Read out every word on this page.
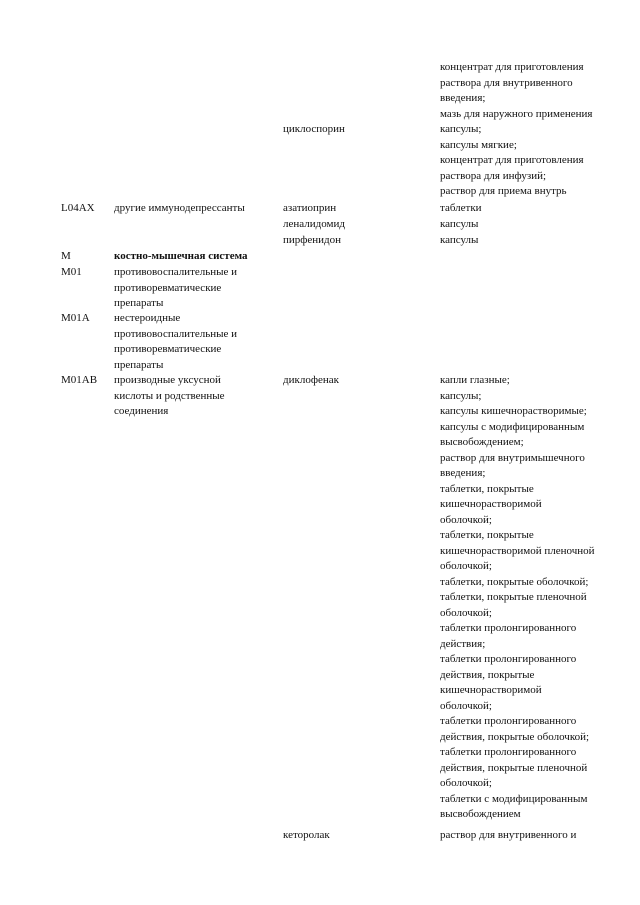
концентрат для приготовления
раствора для внутривенного
введения;
мазь для наружного применения
циклоспорин	капсулы;
капсулы мягкие;
концентрат для приготовления
раствора для инфузий;
раствор для приема внутрь
L04AX	другие иммунодепрессанты	азатиоприн	таблетки
леналидомид	капсулы
пирфенидон	капсулы
M	костно-мышечная система
M01	противовоспалительные и
противоревматические
препараты
M01A	нестероидные
противовоспалительные и
противоревматические
препараты
M01AB	производные уксусной
кислоты и родственные
соединения
диклофенак	капли глазные;
капсулы;
капсулы кишечнорастворимые;
капсулы с модифицированным
высвобождением;
раствор для внутримышечного
введения;
таблетки, покрытые
кишечнорастворимой
оболочкой;
таблетки, покрытые
кишечнорастворимой пленочной
оболочкой;
таблетки, покрытые оболочкой;
таблетки, покрытые пленочной
оболочкой;
таблетки пролонгированного
действия;
таблетки пролонгированного
действия, покрытые
кишечнорастворимой
оболочкой;
таблетки пролонгированного
действия, покрытые оболочкой;
таблетки пролонгированного
действия, покрытые пленочной
оболочкой;
таблетки с модифицированным
высвобождением
кеторолак	раствор для внутривенного и
